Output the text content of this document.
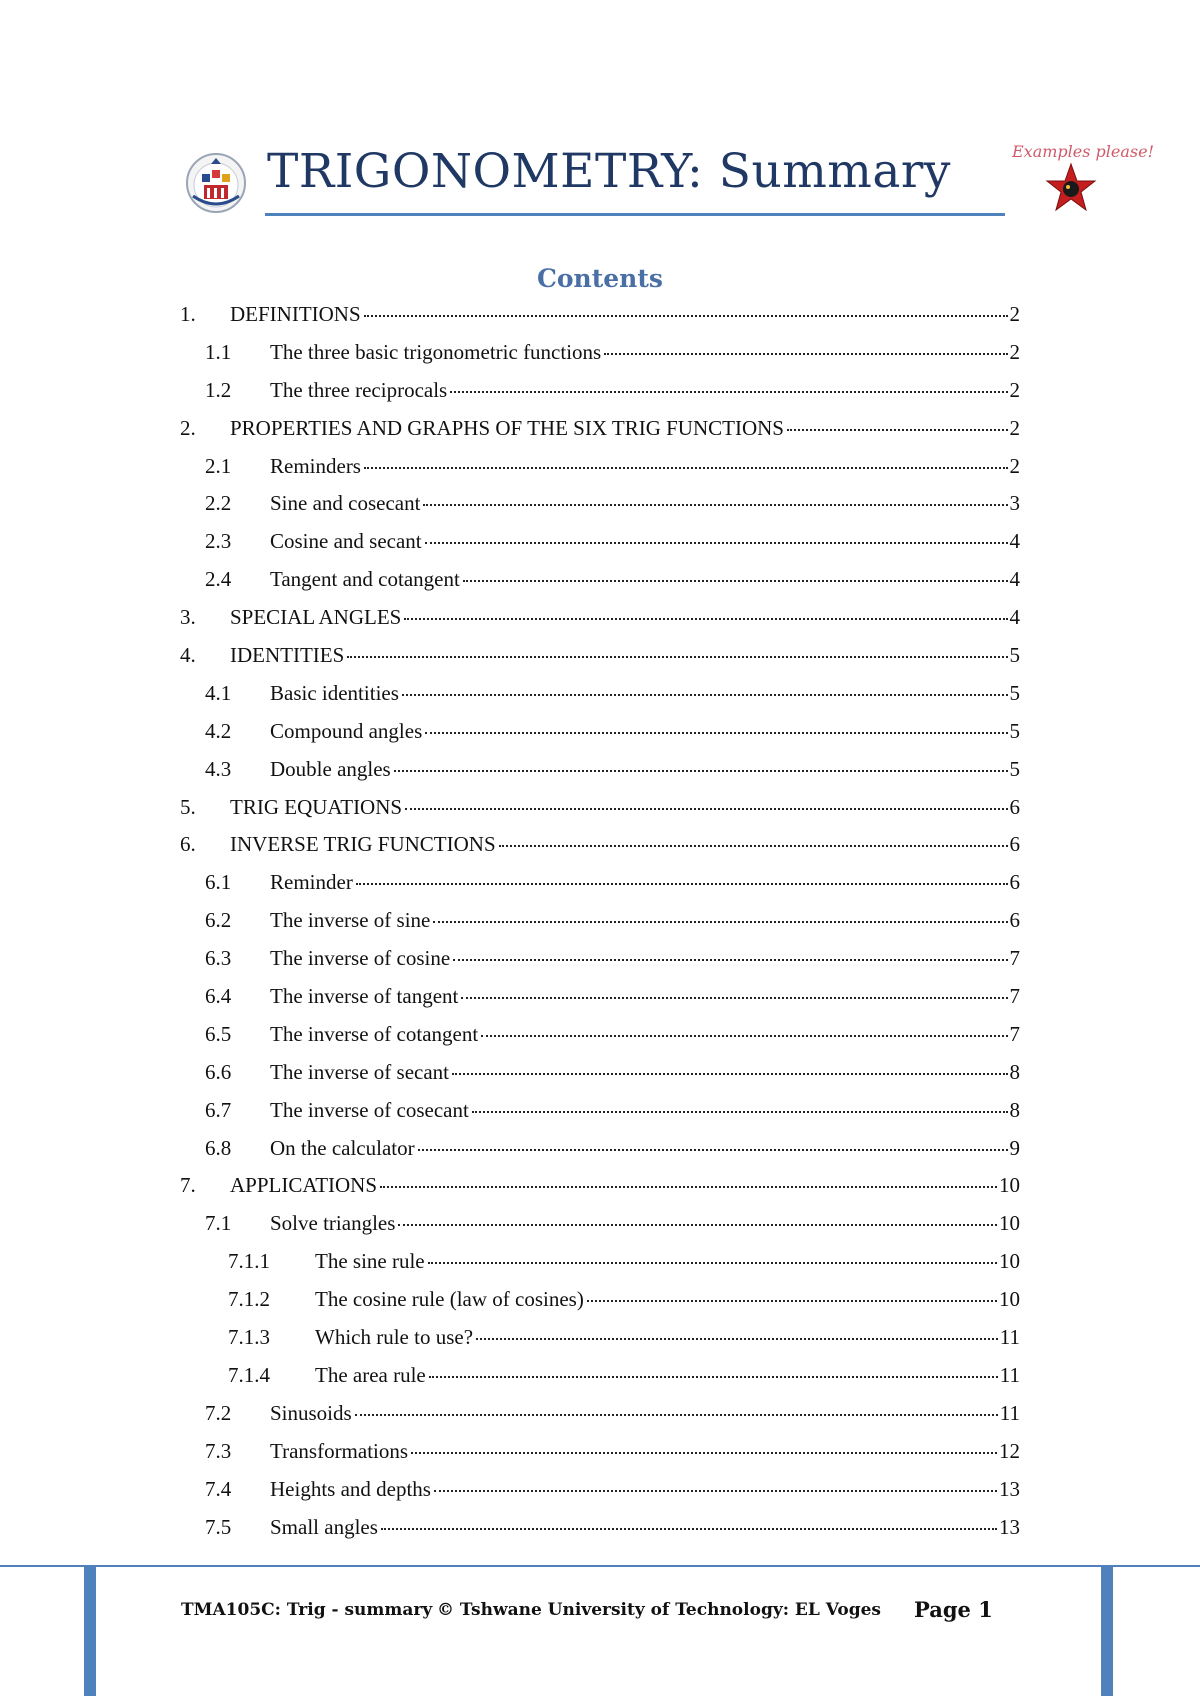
TRIGONOMETRY: Summary	Examples please!
Contents
1.	DEFINITIONS	2
1.1	The three basic trigonometric functions	2
1.2	The three reciprocals	2
2.	PROPERTIES AND GRAPHS OF THE SIX TRIG FUNCTIONS	2
2.1	Reminders	2
2.2	Sine and cosecant	3
2.3	Cosine and secant	4
2.4	Tangent and cotangent	4
3.	SPECIAL ANGLES	4
4.	IDENTITIES	5
4.1	Basic identities	5
4.2	Compound angles	5
4.3	Double angles	5
5.	TRIG EQUATIONS	6
6.	INVERSE TRIG FUNCTIONS	6
6.1	Reminder	6
6.2	The inverse of sine	6
6.3	The inverse of cosine	7
6.4	The inverse of tangent	7
6.5	The inverse of cotangent	7
6.6	The inverse of secant	8
6.7	The inverse of cosecant	8
6.8	On the calculator	9
7.	APPLICATIONS	10
7.1	Solve triangles	10
7.1.1	The sine rule	10
7.1.2	The cosine rule (law of cosines)	10
7.1.3	Which rule to use?	11
7.1.4	The area rule	11
7.2	Sinusoids	11
7.3	Transformations	12
7.4	Heights and depths	13
7.5	Small angles	13
TMA105C: Trig - summary © Tshwane University of Technology: EL Voges Page 1
